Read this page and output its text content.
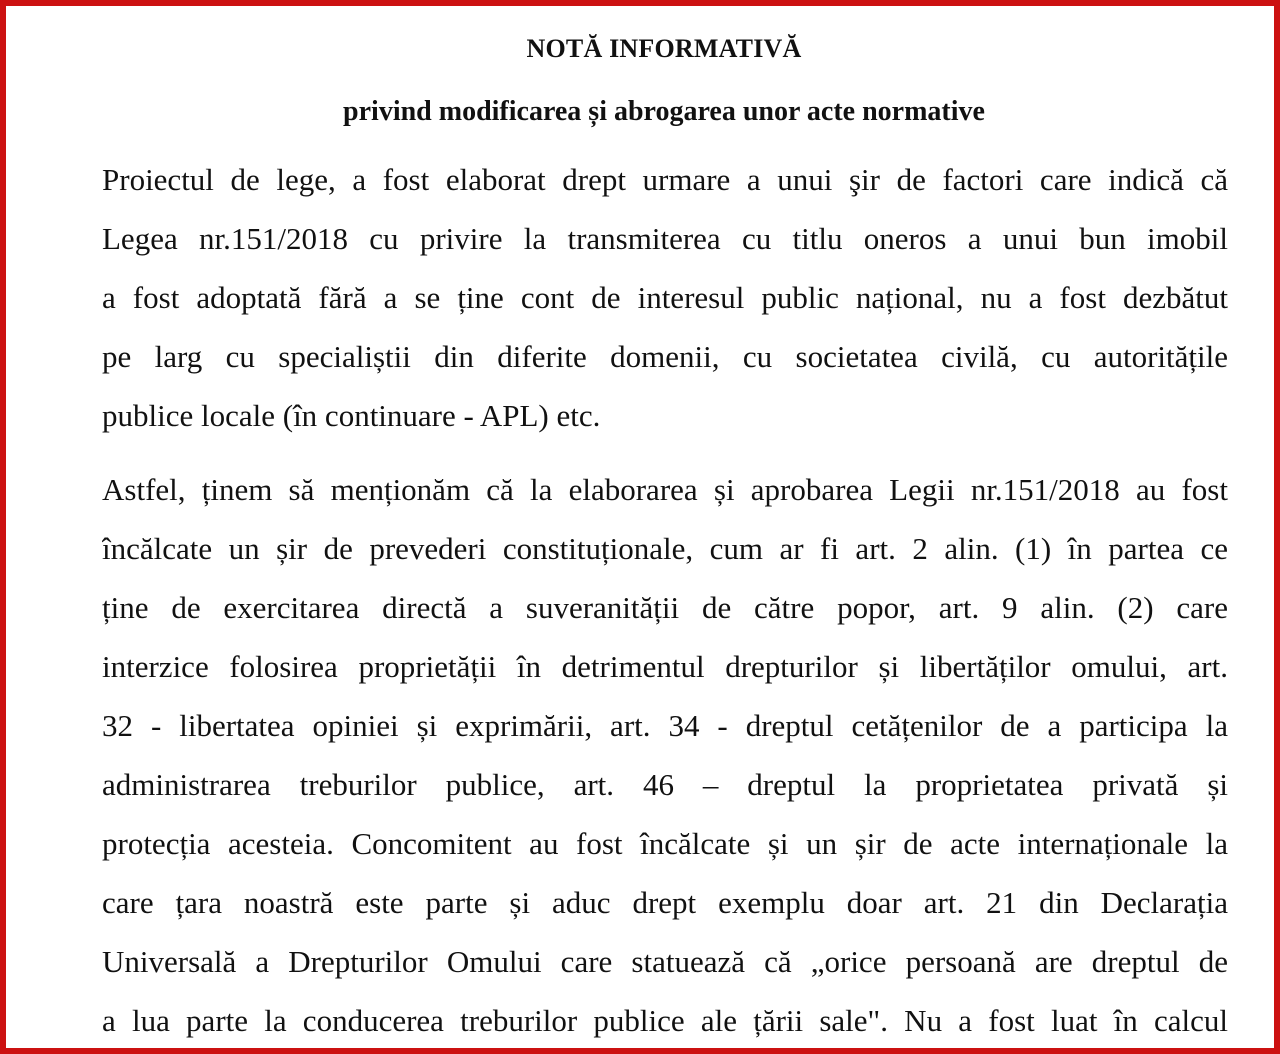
NOTĂ INFORMATIVĂ
privind modificarea și abrogarea unor acte normative
Proiectul de lege, a fost elaborat drept urmare a unui şir de factori care indică că
Legea nr.151/2018 cu privire la transmiterea cu titlu oneros a unui bun imobil
a fost adoptată fără a se ține cont de interesul public național, nu a fost dezbătut
pe larg cu specialiștii din diferite domenii, cu societatea civilă, cu autoritățile
publice locale (în continuare - APL) etc.
Astfel, ținem să menționăm că la elaborarea și aprobarea Legii nr.151/2018 au fost
încălcate un șir de prevederi constituționale, cum ar fi art. 2 alin. (1) în partea ce
ține de exercitarea directă a suveranității de către popor, art. 9 alin. (2) care
interzice folosirea proprietății în detrimentul drepturilor și libertăților omului, art.
32 - libertatea opiniei și exprimării, art. 34 - dreptul cetățenilor de a participa la
administrarea treburilor publice, art. 46 – dreptul la proprietatea privată și
protecția acesteia. Concomitent au fost încălcate și un șir de acte internaționale la
care țara noastră este parte și aduc drept exemplu doar art. 21 din Declarația
Universală a Drepturilor Omului care statuează că „orice persoană are dreptul de
a lua parte la conducerea treburilor publice ale țării sale". Nu a fost luat în calcul
